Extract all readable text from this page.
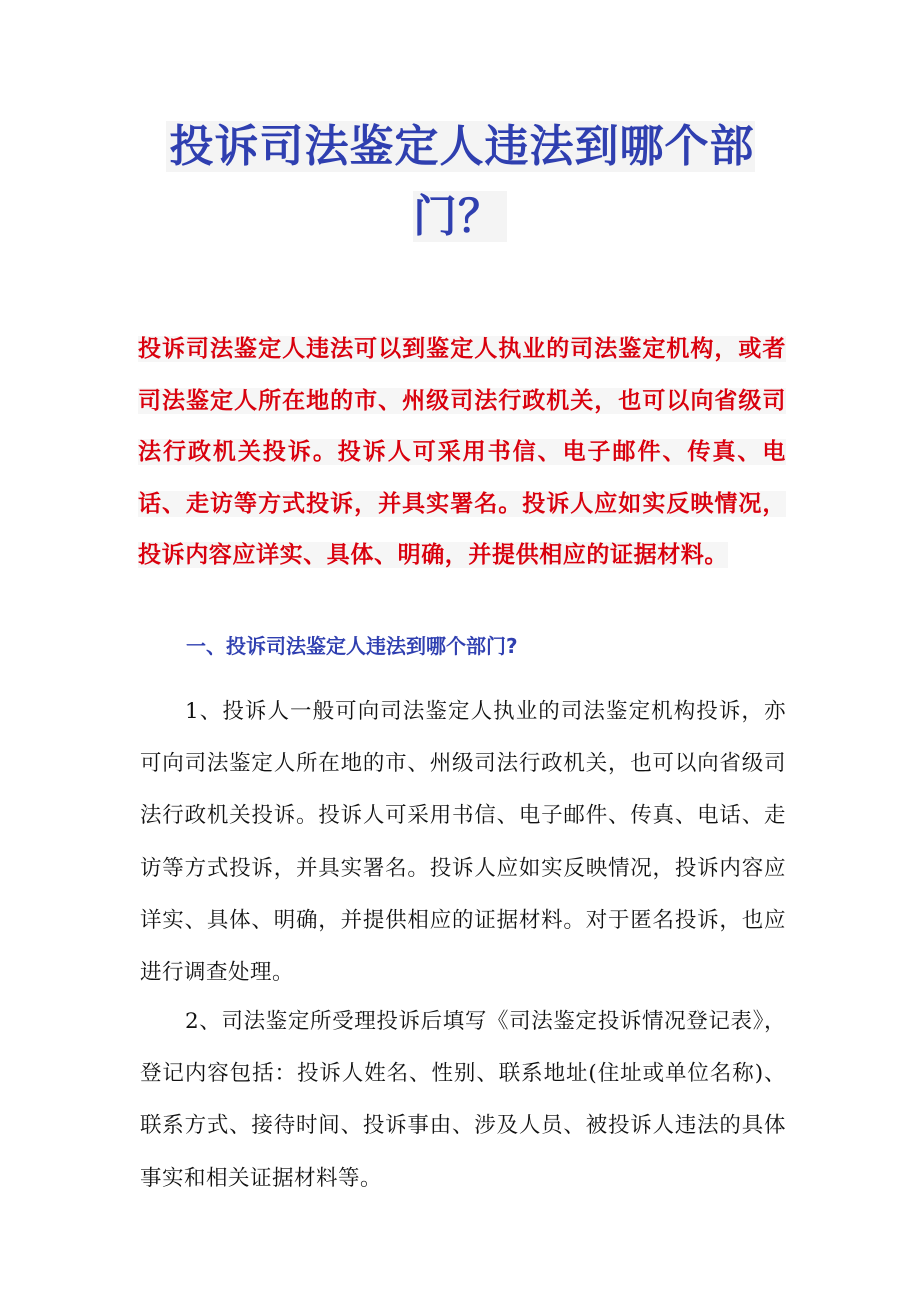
投诉司法鉴定人违法到哪个部门？
投诉司法鉴定人违法可以到鉴定人执业的司法鉴定机构，或者司法鉴定人所在地的市、州级司法行政机关，也可以向省级司法行政机关投诉。投诉人可采用书信、电子邮件、传真、电话、走访等方式投诉，并具实署名。投诉人应如实反映情况，投诉内容应详实、具体、明确，并提供相应的证据材料。
一、投诉司法鉴定人违法到哪个部门?

1、投诉人一般可向司法鉴定人执业的司法鉴定机构投诉，亦可向司法鉴定人所在地的市、州级司法行政机关，也可以向省级司法行政机关投诉。投诉人可采用书信、电子邮件、传真、电话、走访等方式投诉，并具实署名。投诉人应如实反映情况，投诉内容应详实、具体、明确，并提供相应的证据材料。对于匿名投诉，也应进行调查处理。

2、司法鉴定所受理投诉后填写《司法鉴定投诉情况登记表》，登记内容包括：投诉人姓名、性别、联系地址(住址或单位名称)、联系方式、接待时间、投诉事由、涉及人员、被投诉人违法的具体事实和相关证据材料等。
